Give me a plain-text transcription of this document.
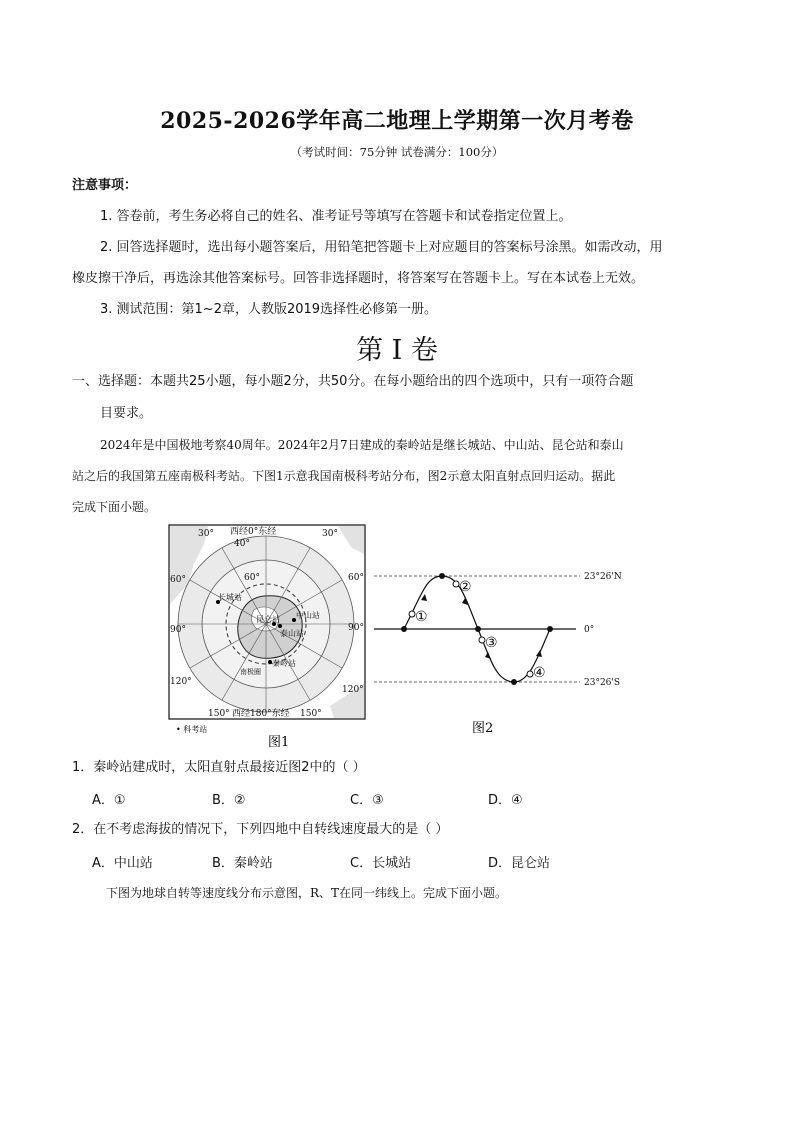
2025-2026学年高二地理上学期第一次月考卷
（考试时间：75分钟 试卷满分：100分）
注意事项：
1. 答卷前，考生务必将自己的姓名、准考证号等填写在答题卡和试卷指定位置上。
2. 回答选择题时，选出每小题答案后，用铅笔把答题卡上对应题目的答案标号涂黑。如需改动，用
橡皮擦干净后，再选涂其他答案标号。回答非选择题时，将答案写在答题卡上。写在本试卷上无效。
3. 测试范围：第1~2章，人教版2019选择性必修第一册。
第 I 卷
一、选择题：本题共25小题，每小题2分，共50分。在每小题给出的四个选项中，只有一项符合题
目要求。
2024年是中国极地考察40周年。2024年2月7日建成的秦岭站是继长城站、中山站、昆仑站和泰山
站之后的我国第五座南极科考站。下图1示意我国南极科考站分布，图2示意太阳直射点回归运动。据此
完成下面小题。
西经0°东经
30°
40°
30°
60°	60°	60°
90°	90°
120°
120°
150° 西经180°东经 150°
长城站
昆仑站 中山站
泰山站
秦岭站
南极圈
• 科考站
图1
①
②
③
④
23°26'N
0°
23°26'S
图2
1．秦岭站建成时，太阳直射点最接近图2中的（ ）
A．①	B．②	C．③	D．④
2．在不考虑海拔的情况下，下列四地中自转线速度最大的是（ ）
A．中山站	B．秦岭站	C．长城站	D．昆仑站
下图为地球自转等速度线分布示意图，R、T在同一纬线上。完成下面小题。
